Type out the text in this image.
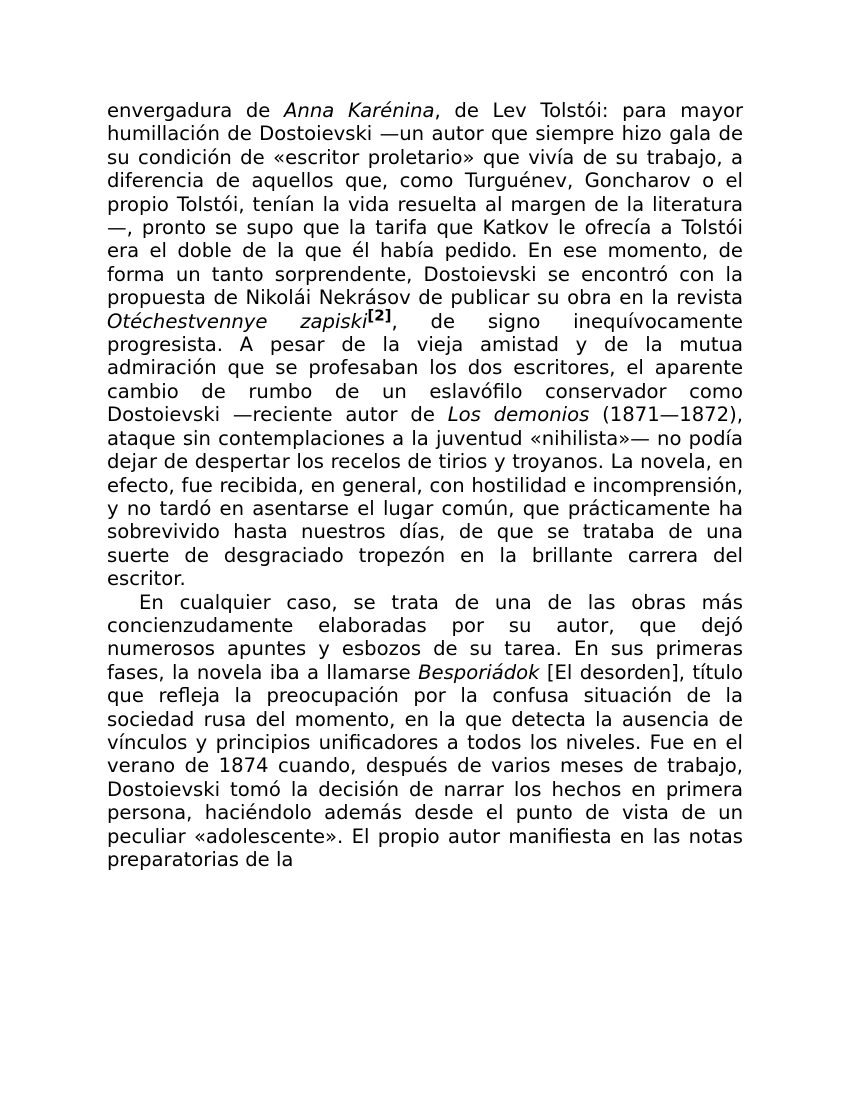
envergadura de Anna Karénina, de Lev Tolstói: para mayor humillación de Dostoievski —un autor que siempre hizo gala de su condición de «escritor proletario» que vivía de su trabajo, a diferencia de aquellos que, como Turguénev, Goncharov o el propio Tolstói, tenían la vida resuelta al margen de la literatura—, pronto se supo que la tarifa que Katkov le ofrecía a Tolstói era el doble de la que él había pedido. En ese momento, de forma un tanto sorprendente, Dostoievski se encontró con la propuesta de Nikolái Nekrásov de publicar su obra en la revista Otéchestvennye zapiski[2], de signo inequívocamente progresista. A pesar de la vieja amistad y de la mutua admiración que se profesaban los dos escritores, el aparente cambio de rumbo de un eslavófilo conservador como Dostoievski —reciente autor de Los demonios (1871—1872), ataque sin contemplaciones a la juventud «nihilista»— no podía dejar de despertar los recelos de tirios y troyanos. La novela, en efecto, fue recibida, en general, con hostilidad e incomprensión, y no tardó en asentarse el lugar común, que prácticamente ha sobrevivido hasta nuestros días, de que se trataba de una suerte de desgraciado tropezón en la brillante carrera del escritor.

En cualquier caso, se trata de una de las obras más concienzudamente elaboradas por su autor, que dejó numerosos apuntes y esbozos de su tarea. En sus primeras fases, la novela iba a llamarse Besporiádok [El desorden], título que refleja la preocupación por la confusa situación de la sociedad rusa del momento, en la que detecta la ausencia de vínculos y principios unificadores a todos los niveles. Fue en el verano de 1874 cuando, después de varios meses de trabajo, Dostoievski tomó la decisión de narrar los hechos en primera persona, haciéndolo además desde el punto de vista de un peculiar «adolescente». El propio autor manifiesta en las notas preparatorias de la
